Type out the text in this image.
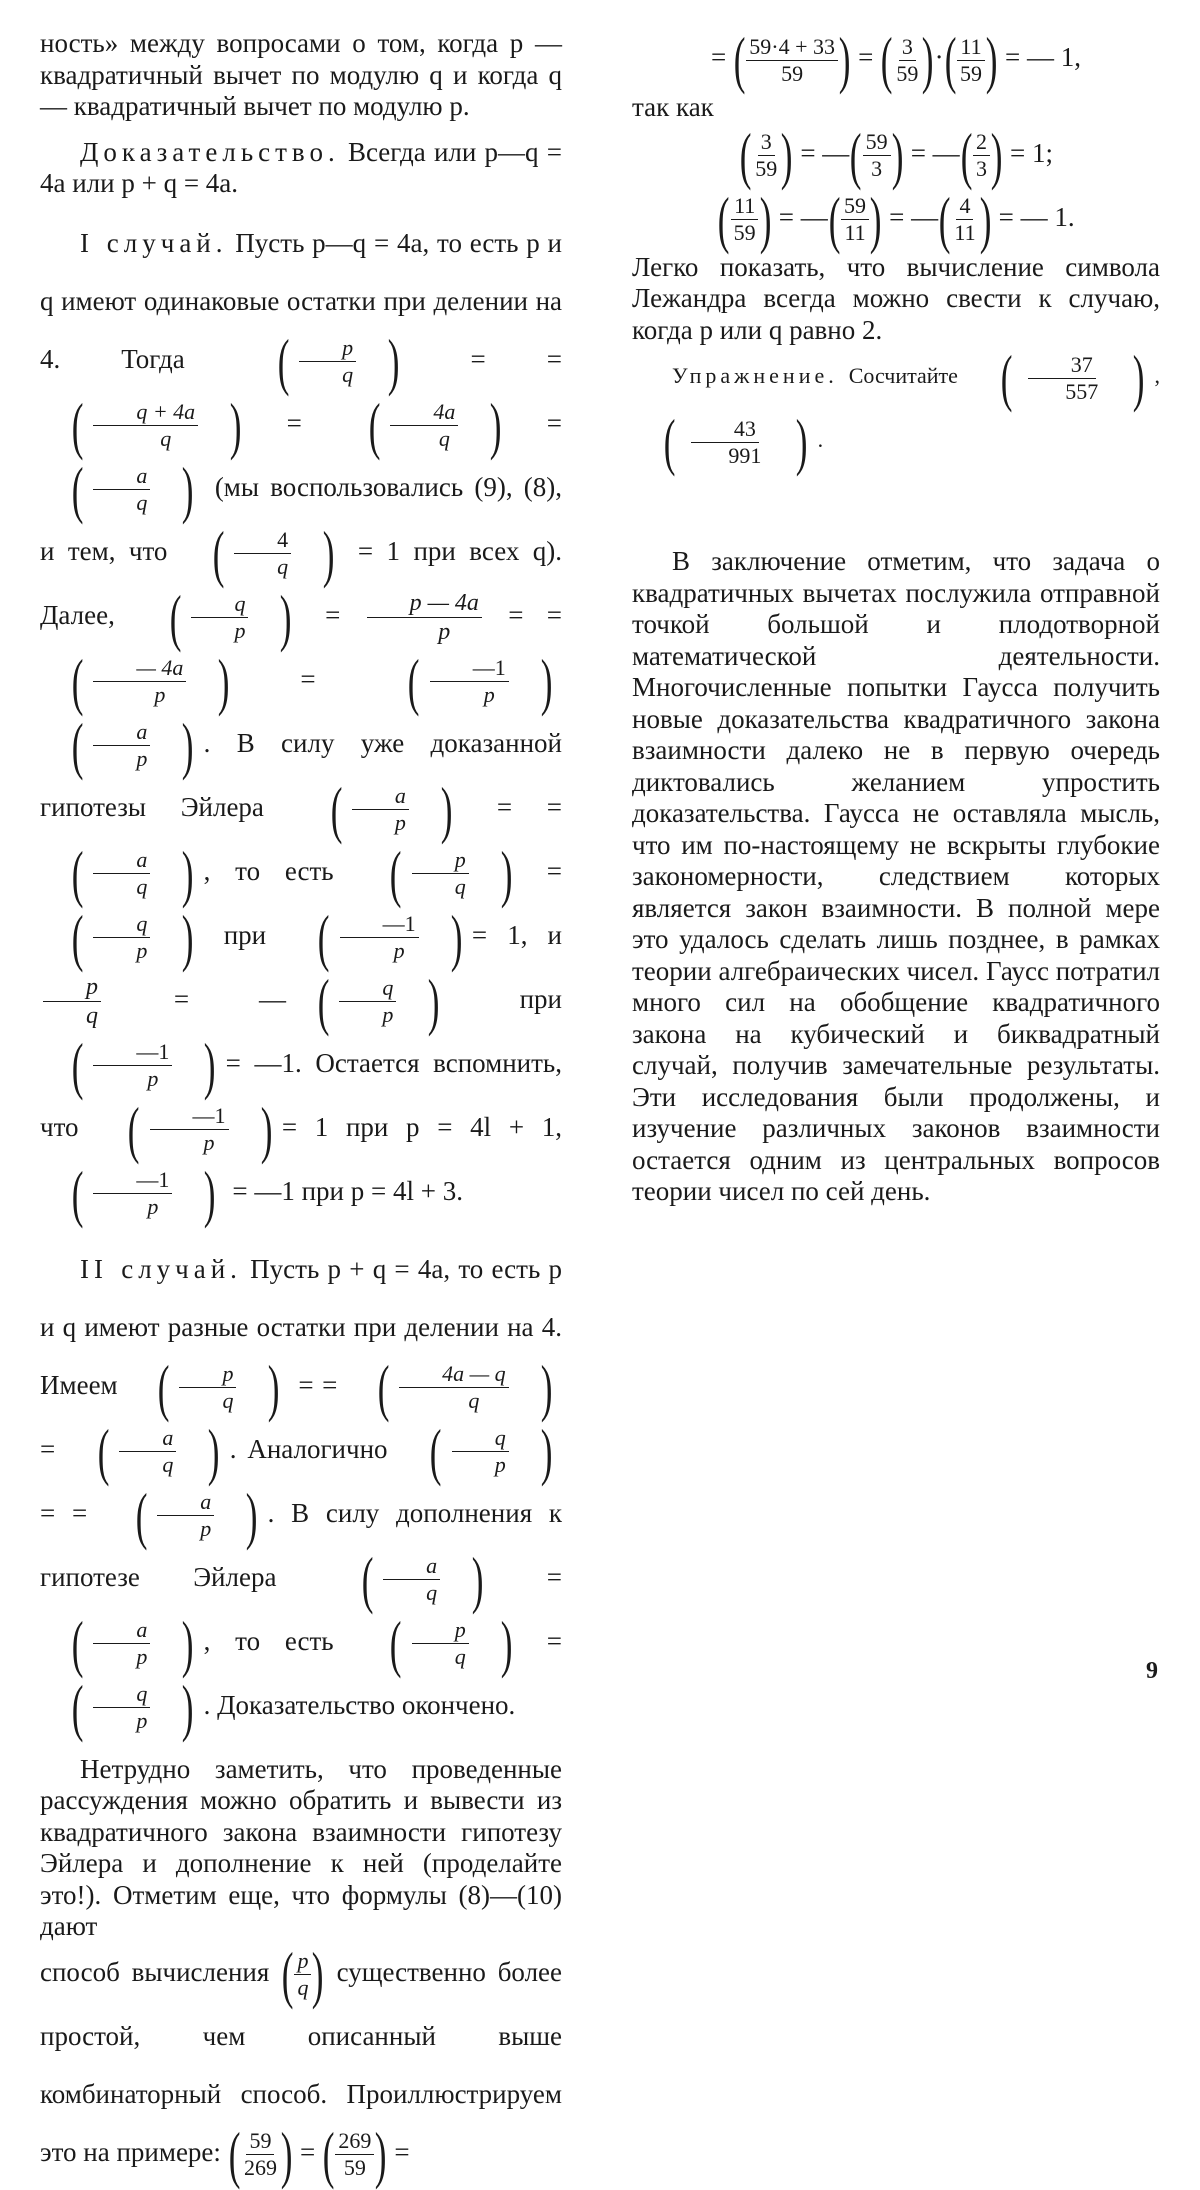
ность» между вопросами о том, когда p — квадратичный вычет по модулю q и когда q — квадратичный вычет по модулю p.

Доказательство. Всегда или p—q = 4a или p + q = 4a.

I случай. Пусть p—q = 4a, то есть p и q имеют одинаковые остатки при делении на 4. Тогда	( $\frac{p}{q}$ ) = =
( $\frac{q + 4a}{q}$ ) = ( $\frac{4a}{q}$ ) =
( $\frac{a}{q}$ ) (мы воспользовались (9), (8), и тем, что ( $\frac{4}{q}$ ) = 1 при всех q). Далее, ( $\frac{q}{p}$ ) = $\frac{p — 4a}{p}$ = =
( $\frac{— 4a}{p}$ ) = ( $\frac{—1}{p}$ )
( $\frac{a}{p}$ ) . В силу уже доказанной гипотезы Эйлера	( $\frac{a}{p}$ ) = =
( $\frac{a}{q}$ ) , то есть ( $\frac{p}{q}$ ) =
( $\frac{q}{p}$ ) при ( $\frac{—1}{p}$ ) = 1, и
$\frac{p}{q}$ = — ( $\frac{q}{p}$ )	при
( $\frac{—1}{p}$ ) = —1. Остается вспомнить, что ( $\frac{—1}{p}$ ) = 1 при p = 4l + 1,
( $\frac{—1}{p}$ ) = —1 при p = 4l + 3.

II случай. Пусть p + q = 4a, то есть p и q имеют разные остатки при делении на 4. Имеем ( $\frac{p}{q}$ ) = = ( $\frac{4a — q}{q}$ )
= ( $\frac{a}{q}$ ) . Аналогично ( $\frac{q}{p}$ )
= = ( $\frac{a}{p}$ ) . В силу дополнения к гипотезе Эйлера	( $\frac{a}{q}$ ) =
( $\frac{a}{p}$ ) , то есть ( $\frac{p}{q}$ ) =
( $\frac{q}{p}$ ) . Доказательство окончено.

Нетрудно заметить, что проведенные рассуждения можно обратить и вывести из квадратичного закона взаимности гипотезу Эйлера и дополнение к ней (проделайте это!). Отметим еще, что формулы (8)—(10) дают

способ вычисления (
$\frac{p}{q}$
) существенно более простой, чем описанный выше комбинаторный способ. Проиллюстрируем это на примере: (
$\frac{59}{269}$
) = (
$\frac{269}{59}$
) =

= (
$\frac{59\cdot 4 + 33}{59}$
) = (
$\frac{3}{59}$
) · (
$\frac{11}{59}$
) = — 1,

так как

(
$\frac{3}{59}$
) = — (
$\frac{59}{3}$
) = — (
$\frac{2}{3}$
) = 1;

(
$\frac{11}{59}$
) = — (
$\frac{59}{11}$
) = — (
$\frac{4}{11}$
) = — 1.

Легко показать, что вычисление символа Лежандра всегда можно свести к случаю, когда p или q равно 2.

Упражнение. Сосчитайте ( $\frac{37}{557}$ ) ,
( $\frac{43}{991}$ ) .

В заключение отметим, что задача о квадратичных вычетах послужила отправной точкой большой и плодотворной математической деятельности. Многочисленные попытки Гаусса получить новые доказательства квадратичного закона взаимности далеко не в первую очередь диктовались желанием упростить доказательства. Гаусса не оставляла мысль, что им по-настоящему не вскрыты глубокие закономерности, следствием которых является закон взаимности. В полной мере это удалось сделать лишь позднее, в рамках теории алгебраических чисел. Гаусс потратил много сил на обобщение квадратичного закона на кубический и биквадратный случай, получив замечательные результаты. Эти исследования были продолжены, и изучение различных законов взаимности остается одним из центральных вопросов теории чисел по сей день.

9
